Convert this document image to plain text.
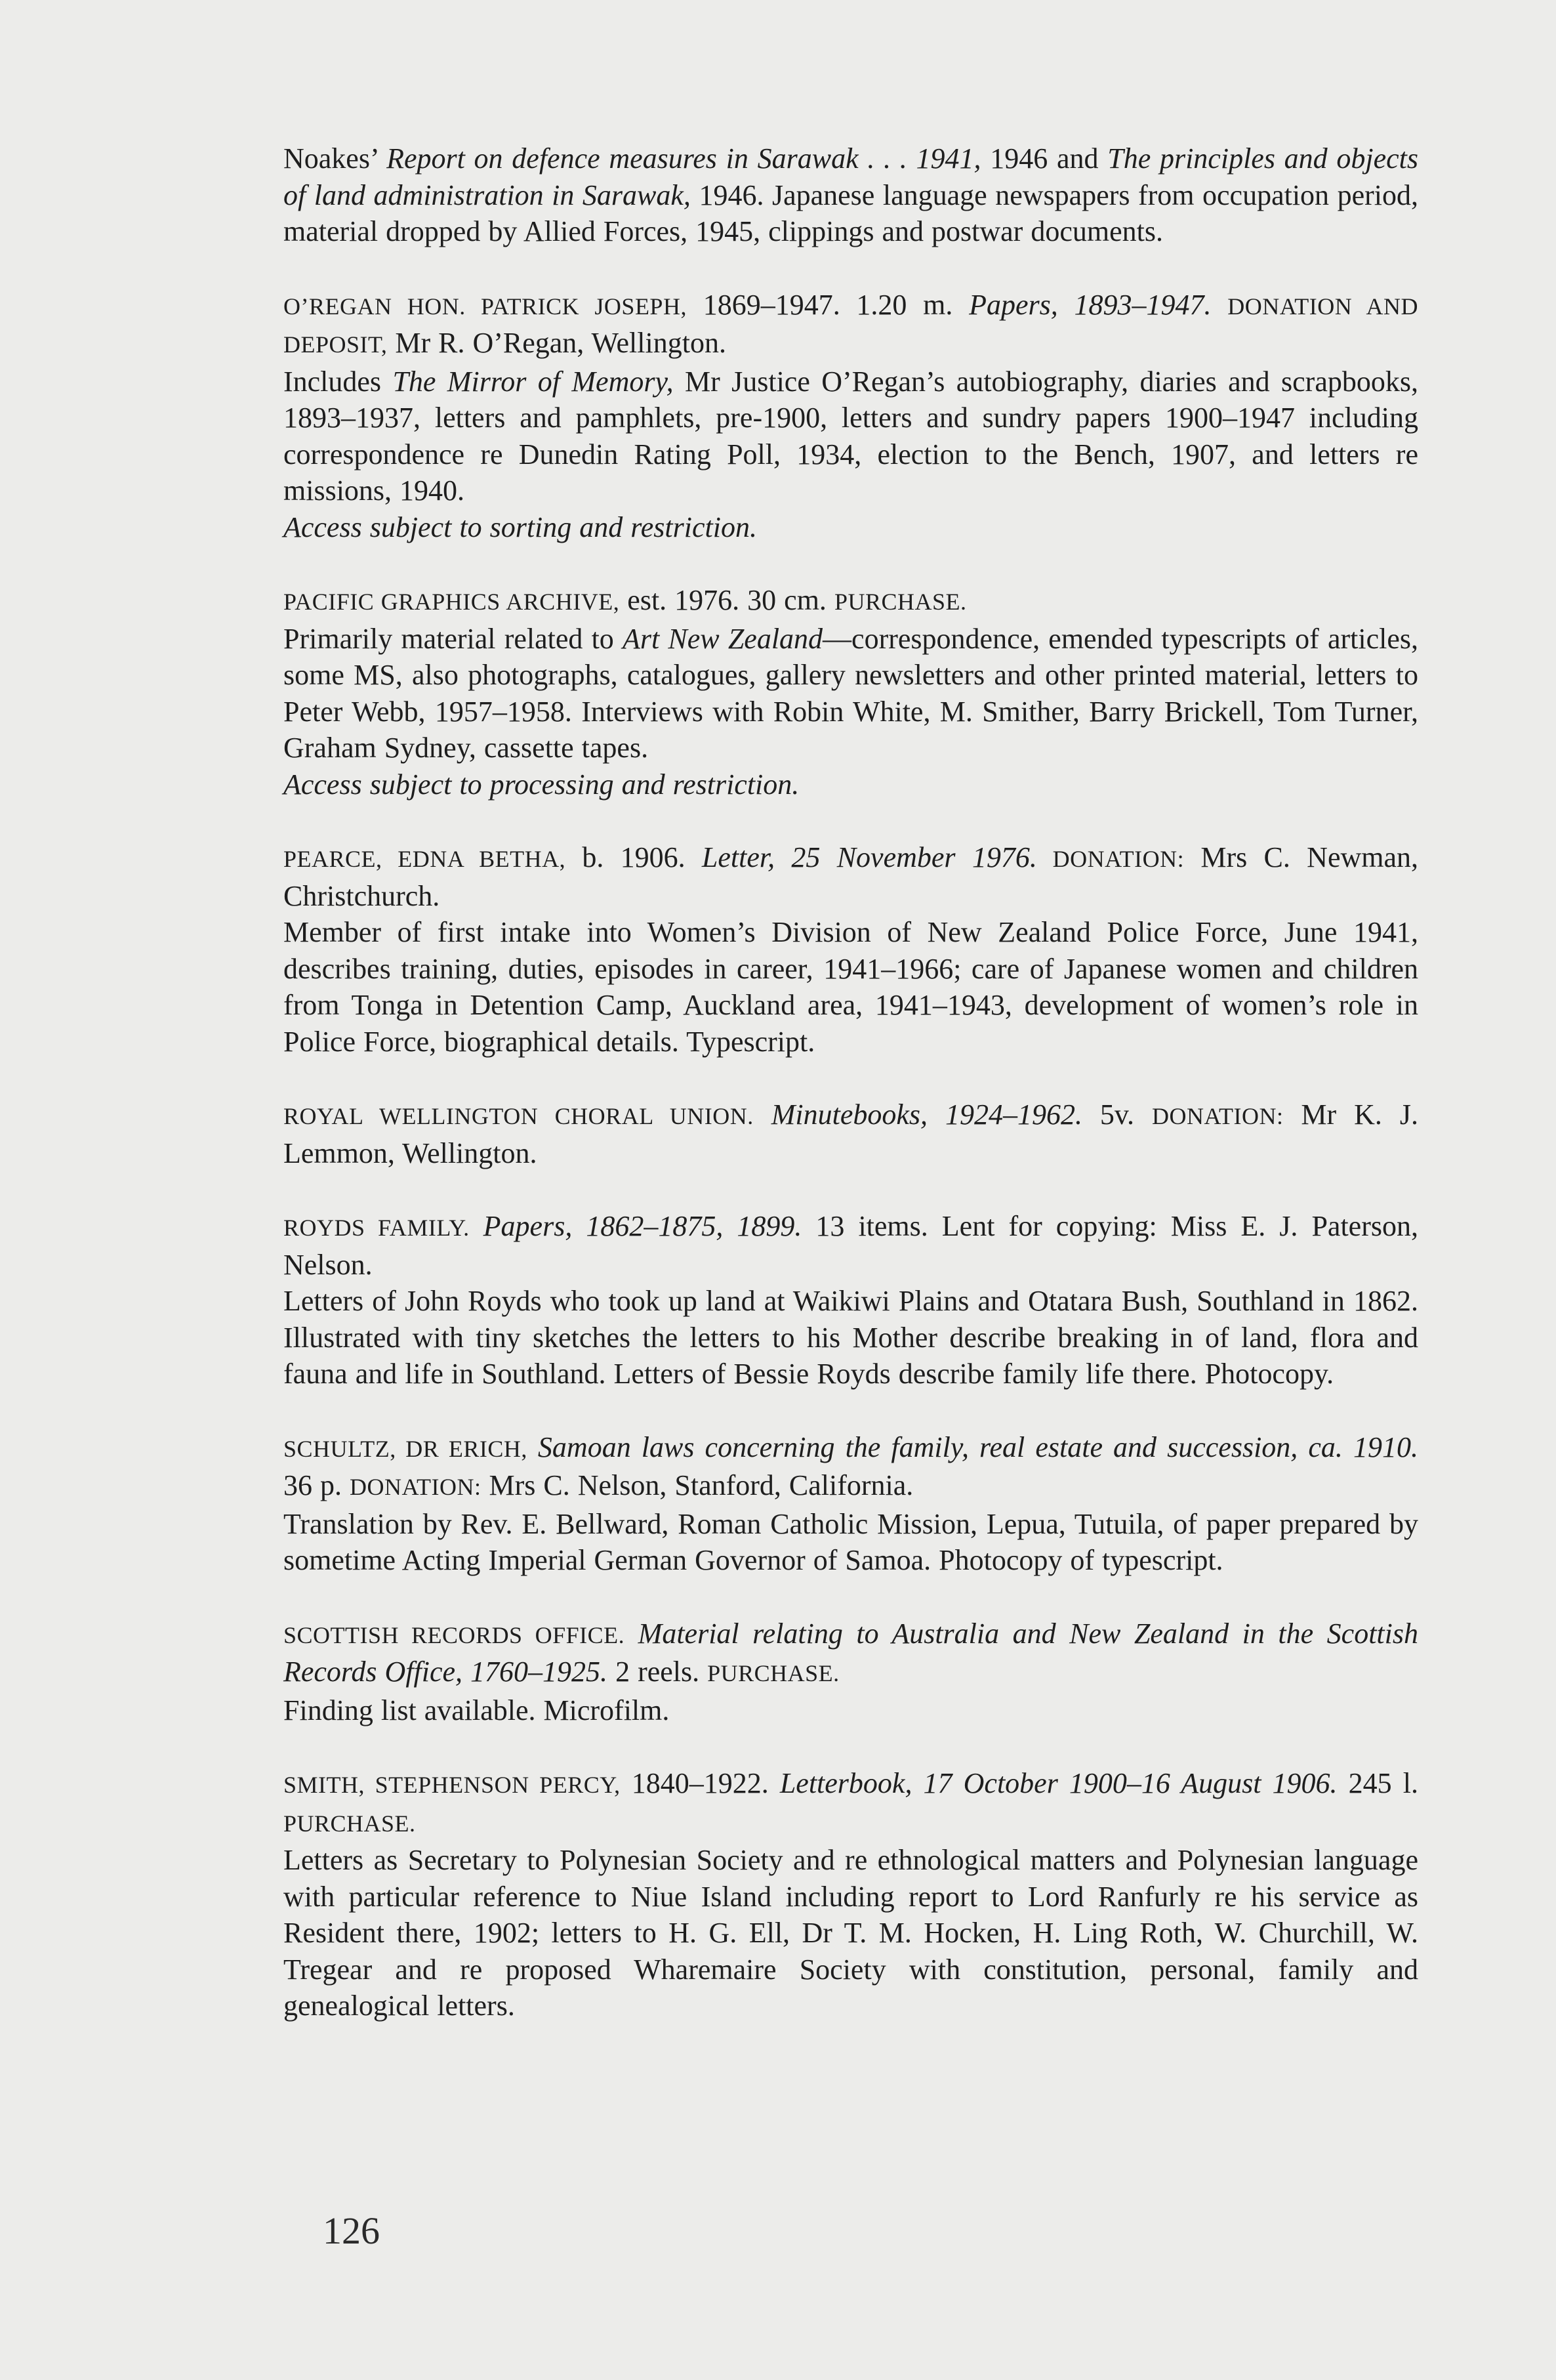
Noakes’ Report on defence measures in Sarawak . . . 1941, 1946 and The principles and objects of land administration in Sarawak, 1946. Japanese language newspapers from occupation period, material dropped by Allied Forces, 1945, clippings and postwar documents.

O’REGAN HON. PATRICK JOSEPH, 1869–1947. 1.20 m. Papers, 1893–1947. DONATION AND DEPOSIT, Mr R. O’Regan, Wellington.

Includes The Mirror of Memory, Mr Justice O’Regan’s autobiography, diaries and scrapbooks, 1893–1937, letters and pamphlets, pre-1900, letters and sundry papers 1900–1947 including correspondence re Dunedin Rating Poll, 1934, election to the Bench, 1907, and letters re missions, 1940.

Access subject to sorting and restriction.

PACIFIC GRAPHICS ARCHIVE, est. 1976. 30 cm. PURCHASE.

Primarily material related to Art New Zealand—correspondence, emended typescripts of articles, some MS, also photographs, catalogues, gallery newsletters and other printed material, letters to Peter Webb, 1957–1958. Interviews with Robin White, M. Smither, Barry Brickell, Tom Turner, Graham Sydney, cassette tapes.

Access subject to processing and restriction.

PEARCE, EDNA BETHA, b. 1906. Letter, 25 November 1976. DONATION: Mrs C. Newman, Christchurch.

Member of first intake into Women’s Division of New Zealand Police Force, June 1941, describes training, duties, episodes in career, 1941–1966; care of Japanese women and children from Tonga in Detention Camp, Auckland area, 1941–1943, development of women’s role in Police Force, biographical details. Typescript.

ROYAL WELLINGTON CHORAL UNION. Minutebooks, 1924–1962. 5v. DONATION: Mr K. J. Lemmon, Wellington.

ROYDS FAMILY. Papers, 1862–1875, 1899. 13 items. Lent for copying: Miss E. J. Paterson, Nelson.

Letters of John Royds who took up land at Waikiwi Plains and Otatara Bush, Southland in 1862. Illustrated with tiny sketches the letters to his Mother describe breaking in of land, flora and fauna and life in Southland. Letters of Bessie Royds describe family life there. Photocopy.

SCHULTZ, DR ERICH, Samoan laws concerning the family, real estate and succession, ca. 1910. 36 p. DONATION: Mrs C. Nelson, Stanford, California.

Translation by Rev. E. Bellward, Roman Catholic Mission, Lepua, Tutuila, of paper prepared by sometime Acting Imperial German Governor of Samoa. Photocopy of typescript.

SCOTTISH RECORDS OFFICE. Material relating to Australia and New Zealand in the Scottish Records Office, 1760–1925. 2 reels. PURCHASE.

Finding list available. Microfilm.

SMITH, STEPHENSON PERCY, 1840–1922. Letterbook, 17 October 1900–16 August 1906. 245 l. PURCHASE.

Letters as Secretary to Polynesian Society and re ethnological matters and Polynesian language with particular reference to Niue Island including report to Lord Ranfurly re his service as Resident there, 1902; letters to H. G. Ell, Dr T. M. Hocken, H. Ling Roth, W. Churchill, W. Tregear and re proposed Wharemaire Society with constitution, personal, family and genealogical letters.

126
